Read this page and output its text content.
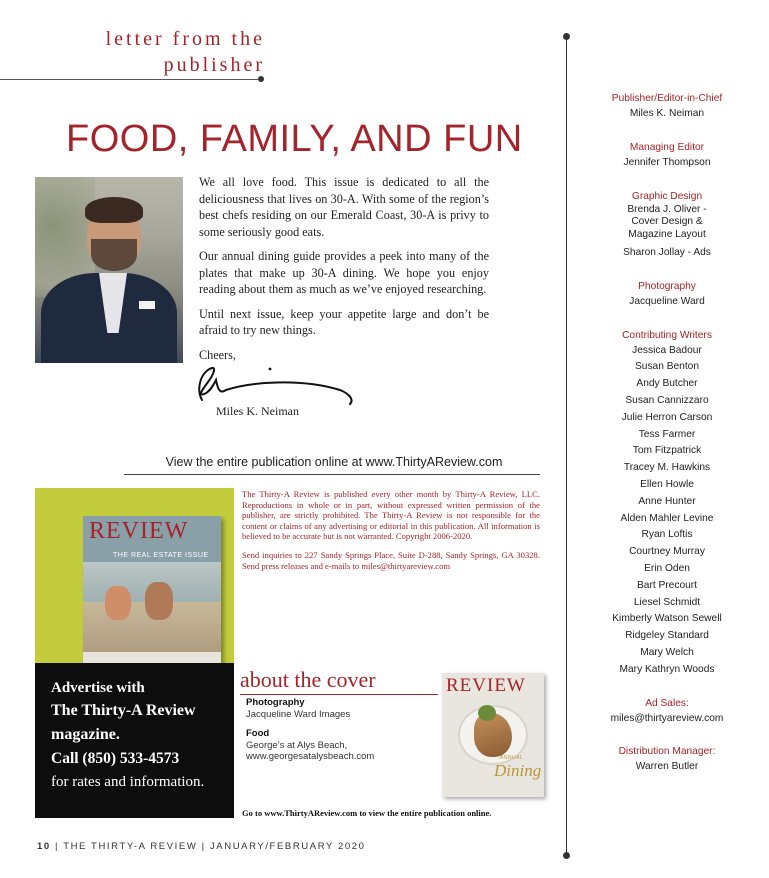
letter from the
publisher
FOOD, FAMILY, AND FUN

We all love food. This issue is dedicated to all the deliciousness that lives on 30-A. With some of the region’s best chefs residing on our Emerald Coast, 30-A is privy to some seriously good eats.

Our annual dining guide provides a peek into many of the plates that make up 30-A dining. We hope you enjoy reading about them as much as we’ve enjoyed researching.

Until next issue, keep your appetite large and don’t be afraid to try new things.

Cheers,

Miles K. Neiman
View the entire publication online at www.ThirtyAReview.com
REVIEW
THE REAL ESTATE ISSUE
Advertise with
The Thirty-A Review
magazine.
Call (850) 533-4573
for rates and information.

The Thirty-A Review is published every other month by Thirty-A Review, LLC. Reproductions in whole or in part, without expressed written permission of the publisher, are strictly prohibited. The Thirty-A Review is not responsible for the content or claims of any advertising or editorial in this publication. All information is believed to be accurate but is not warranted. Copyright 2006-2020.

Send inquiries to 227 Sandy Springs Place, Suite D-288, Sandy Springs, GA 30328. Send press releases and e-mails to miles@thirtyareview.com

about the cover
Photography
Jacqueline Ward Images
Food
George’s at Alys Beach,
www.georgesatalysbeach.com
REVIEW
ANNUAL
Dining
Go to www.ThirtyAReview.com to view the entire publication online.
10 | THE THIRTY-A REVIEW | JANUARY/FEBRUARY 2020
Publisher/Editor-in-Chief
Miles K. Neiman
Managing Editor
Jennifer Thompson
Graphic Design
Brenda J. Oliver -
Cover Design &
Magazine Layout
Sharon Jollay - Ads
Photography
Jacqueline Ward
Contributing Writers
Jessica Badour
Susan Benton
Andy Butcher
Susan Cannizzaro
Julie Herron Carson
Tess Farmer
Tom Fitzpatrick
Tracey M. Hawkins
Ellen Howle
Anne Hunter
Alden Mahler Levine
Ryan Loftis
Courtney Murray
Erin Oden
Bart Precourt
Liesel Schmidt
Kimberly Watson Sewell
Ridgeley Standard
Mary Welch
Mary Kathryn Woods
Ad Sales:
miles@thirtyareview.com
Distribution Manager:
Warren Butler
